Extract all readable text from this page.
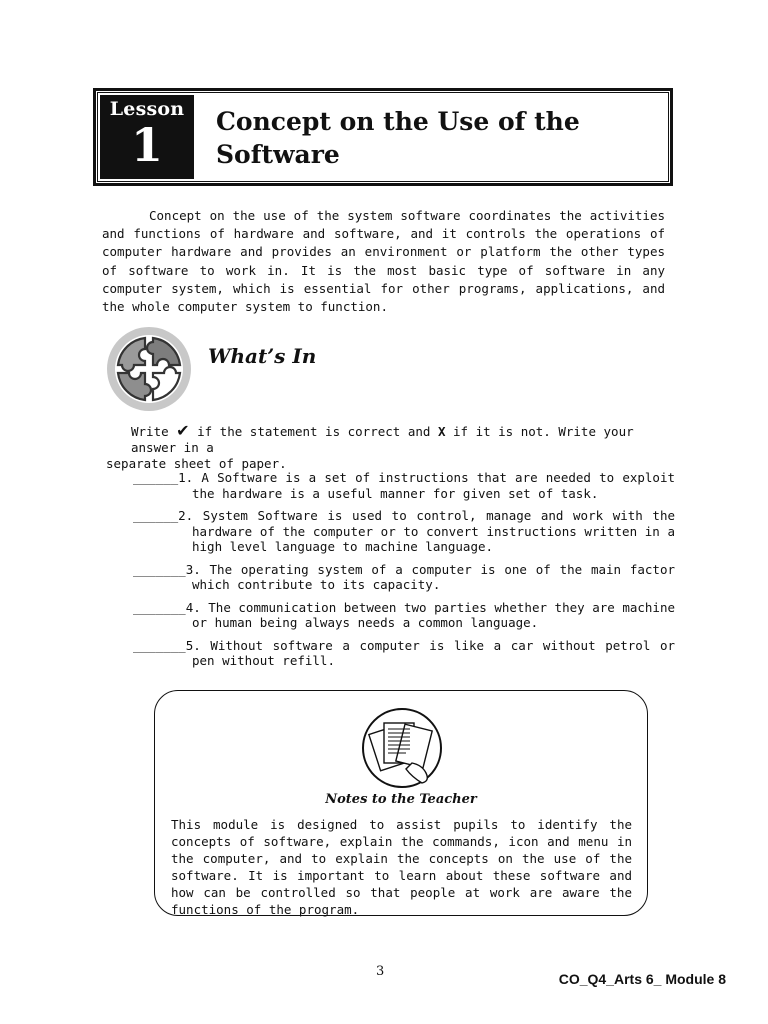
Lesson
1	Concept on the Use of the Software

Concept on the use of the system software coordinates the activities and functions of hardware and software, and it controls the operations of computer hardware and provides an environment or platform the other types of software to work in. It is the most basic type of software in any computer system, which is essential for other programs, applications, and the whole computer system to function.

What’s In
Write ✔ if the statement is correct and X if it is not. Write your answer in a
separate sheet of paper.
______1. A Software is a set of instructions that are needed to exploit the hardware is a useful manner for given set of task.
______2. System Software is used to control, manage and work with the hardware of the computer or to convert instructions written in a high level language to machine language.
_______3. The operating system of a computer is one of the main factor which contribute to its capacity.
_______4. The communication between two parties whether they are machine or human being always needs a common language.
_______5. Without software a computer is like a car without petrol or pen without refill.
Notes to the Teacher

This module is designed to assist pupils to identify the concepts of software, explain the commands, icon and menu in the computer, and to explain the concepts on the use of the software. It is important to learn about these software and how can be controlled so that people at work are aware the functions of the program.

3	CO_Q4_Arts 6_ Module 8
